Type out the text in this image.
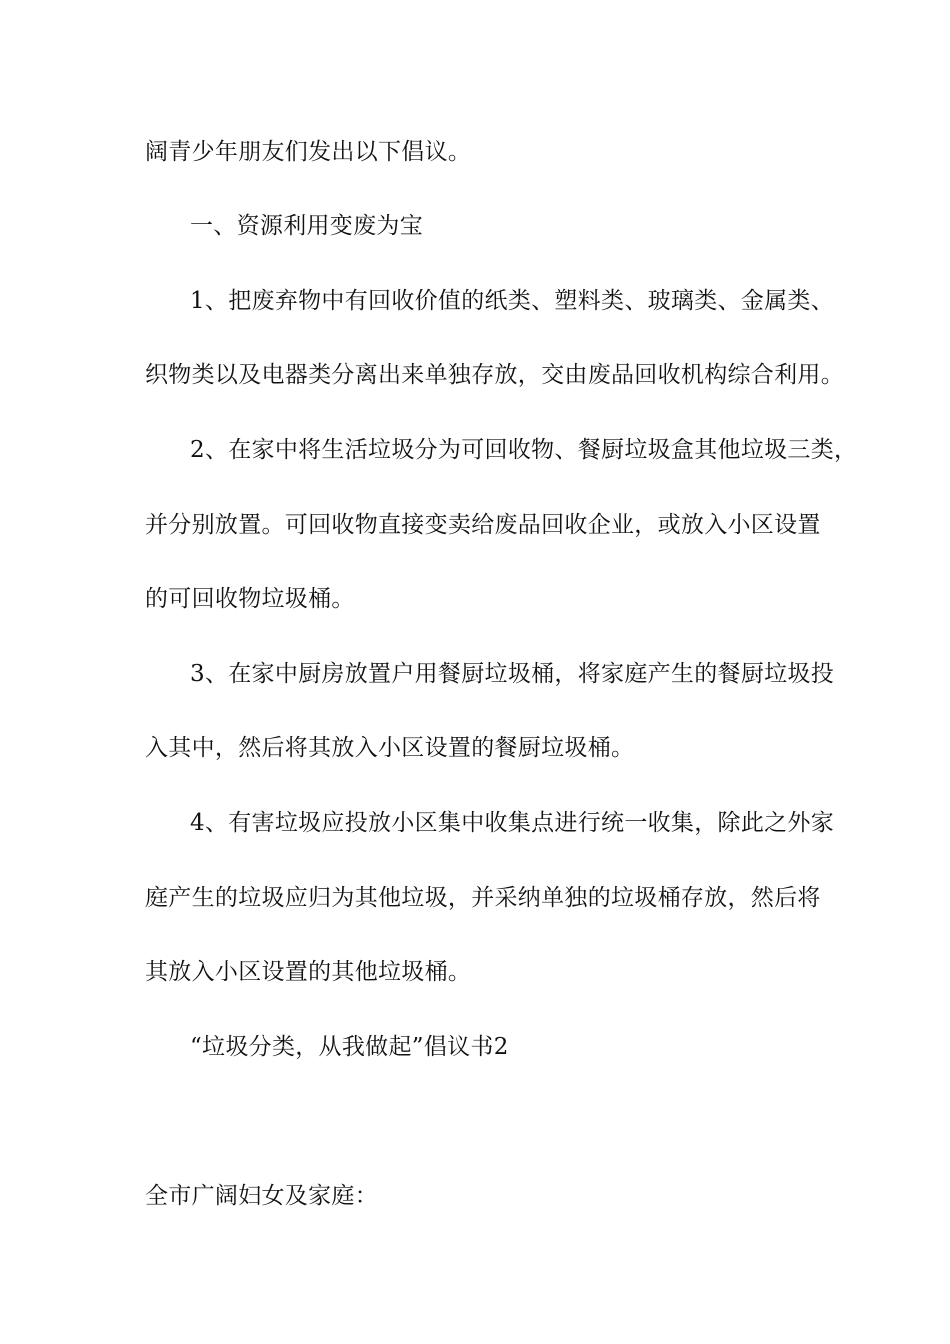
阔青少年朋友们发出以下倡议。
一、资源利用变废为宝
1、把废弃物中有回收价值的纸类、塑料类、玻璃类、金属类、
织物类以及电器类分离出来单独存放，交由废品回收机构综合利用。
2、在家中将生活垃圾分为可回收物、餐厨垃圾盒其他垃圾三类，
并分别放置。可回收物直接变卖给废品回收企业，或放入小区设置
的可回收物垃圾桶。
3、在家中厨房放置户用餐厨垃圾桶，将家庭产生的餐厨垃圾投
入其中，然后将其放入小区设置的餐厨垃圾桶。
4、有害垃圾应投放小区集中收集点进行统一收集，除此之外家
庭产生的垃圾应归为其他垃圾，并采纳单独的垃圾桶存放，然后将
其放入小区设置的其他垃圾桶。
“垃圾分类，从我做起”倡议书2
全市广阔妇女及家庭：
